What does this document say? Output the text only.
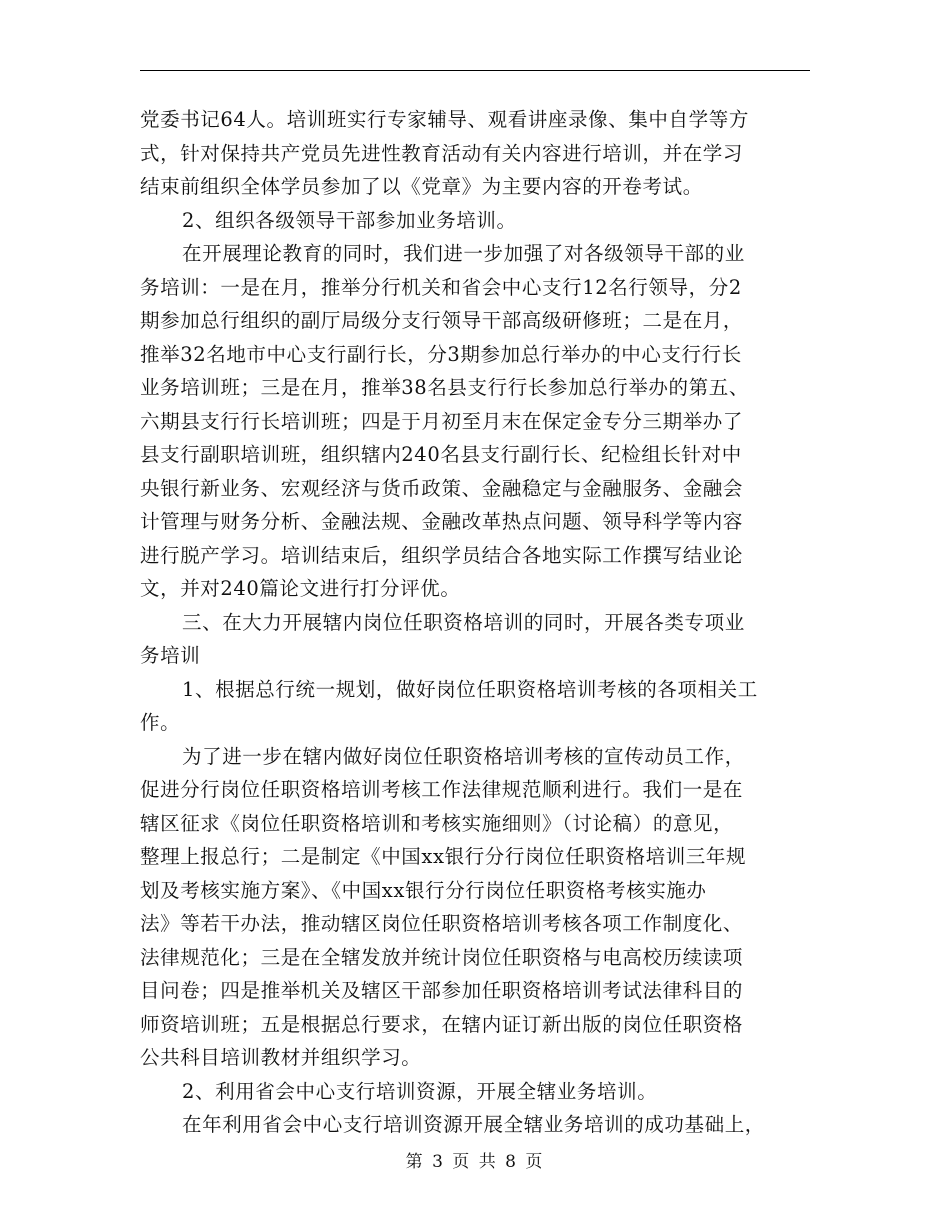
党委书记64人。培训班实行专家辅导、观看讲座录像、集中自学等方
式，针对保持共产党员先进性教育活动有关内容进行培训，并在学习
结束前组织全体学员参加了以《党章》为主要内容的开卷考试。
2、组织各级领导干部参加业务培训。
在开展理论教育的同时，我们进一步加强了对各级领导干部的业
务培训：一是在月，推举分行机关和省会中心支行12名行领导，分2
期参加总行组织的副厅局级分支行领导干部高级研修班；二是在月，
推举32名地市中心支行副行长，分3期参加总行举办的中心支行行长
业务培训班；三是在月，推举38名县支行行长参加总行举办的第五、
六期县支行行长培训班；四是于月初至月末在保定金专分三期举办了
县支行副职培训班，组织辖内240名县支行副行长、纪检组长针对中
央银行新业务、宏观经济与货币政策、金融稳定与金融服务、金融会
计管理与财务分析、金融法规、金融改革热点问题、领导科学等内容
进行脱产学习。培训结束后，组织学员结合各地实际工作撰写结业论
文，并对240篇论文进行打分评优。
三、在大力开展辖内岗位任职资格培训的同时，开展各类专项业
务培训
1、根据总行统一规划，做好岗位任职资格培训考核的各项相关工
作。
为了进一步在辖内做好岗位任职资格培训考核的宣传动员工作，
促进分行岗位任职资格培训考核工作法律规范顺利进行。我们一是在
辖区征求《岗位任职资格培训和考核实施细则》（讨论稿）的意见，
整理上报总行；二是制定《中国xx银行分行岗位任职资格培训三年规
划及考核实施方案》、《中国xx银行分行岗位任职资格考核实施办
法》等若干办法，推动辖区岗位任职资格培训考核各项工作制度化、
法律规范化；三是在全辖发放并统计岗位任职资格与电高校历续读项
目问卷；四是推举机关及辖区干部参加任职资格培训考试法律科目的
师资培训班；五是根据总行要求，在辖内证订新出版的岗位任职资格
公共科目培训教材并组织学习。
2、利用省会中心支行培训资源，开展全辖业务培训。
在年利用省会中心支行培训资源开展全辖业务培训的成功基础上，
第 3 页 共 8 页
